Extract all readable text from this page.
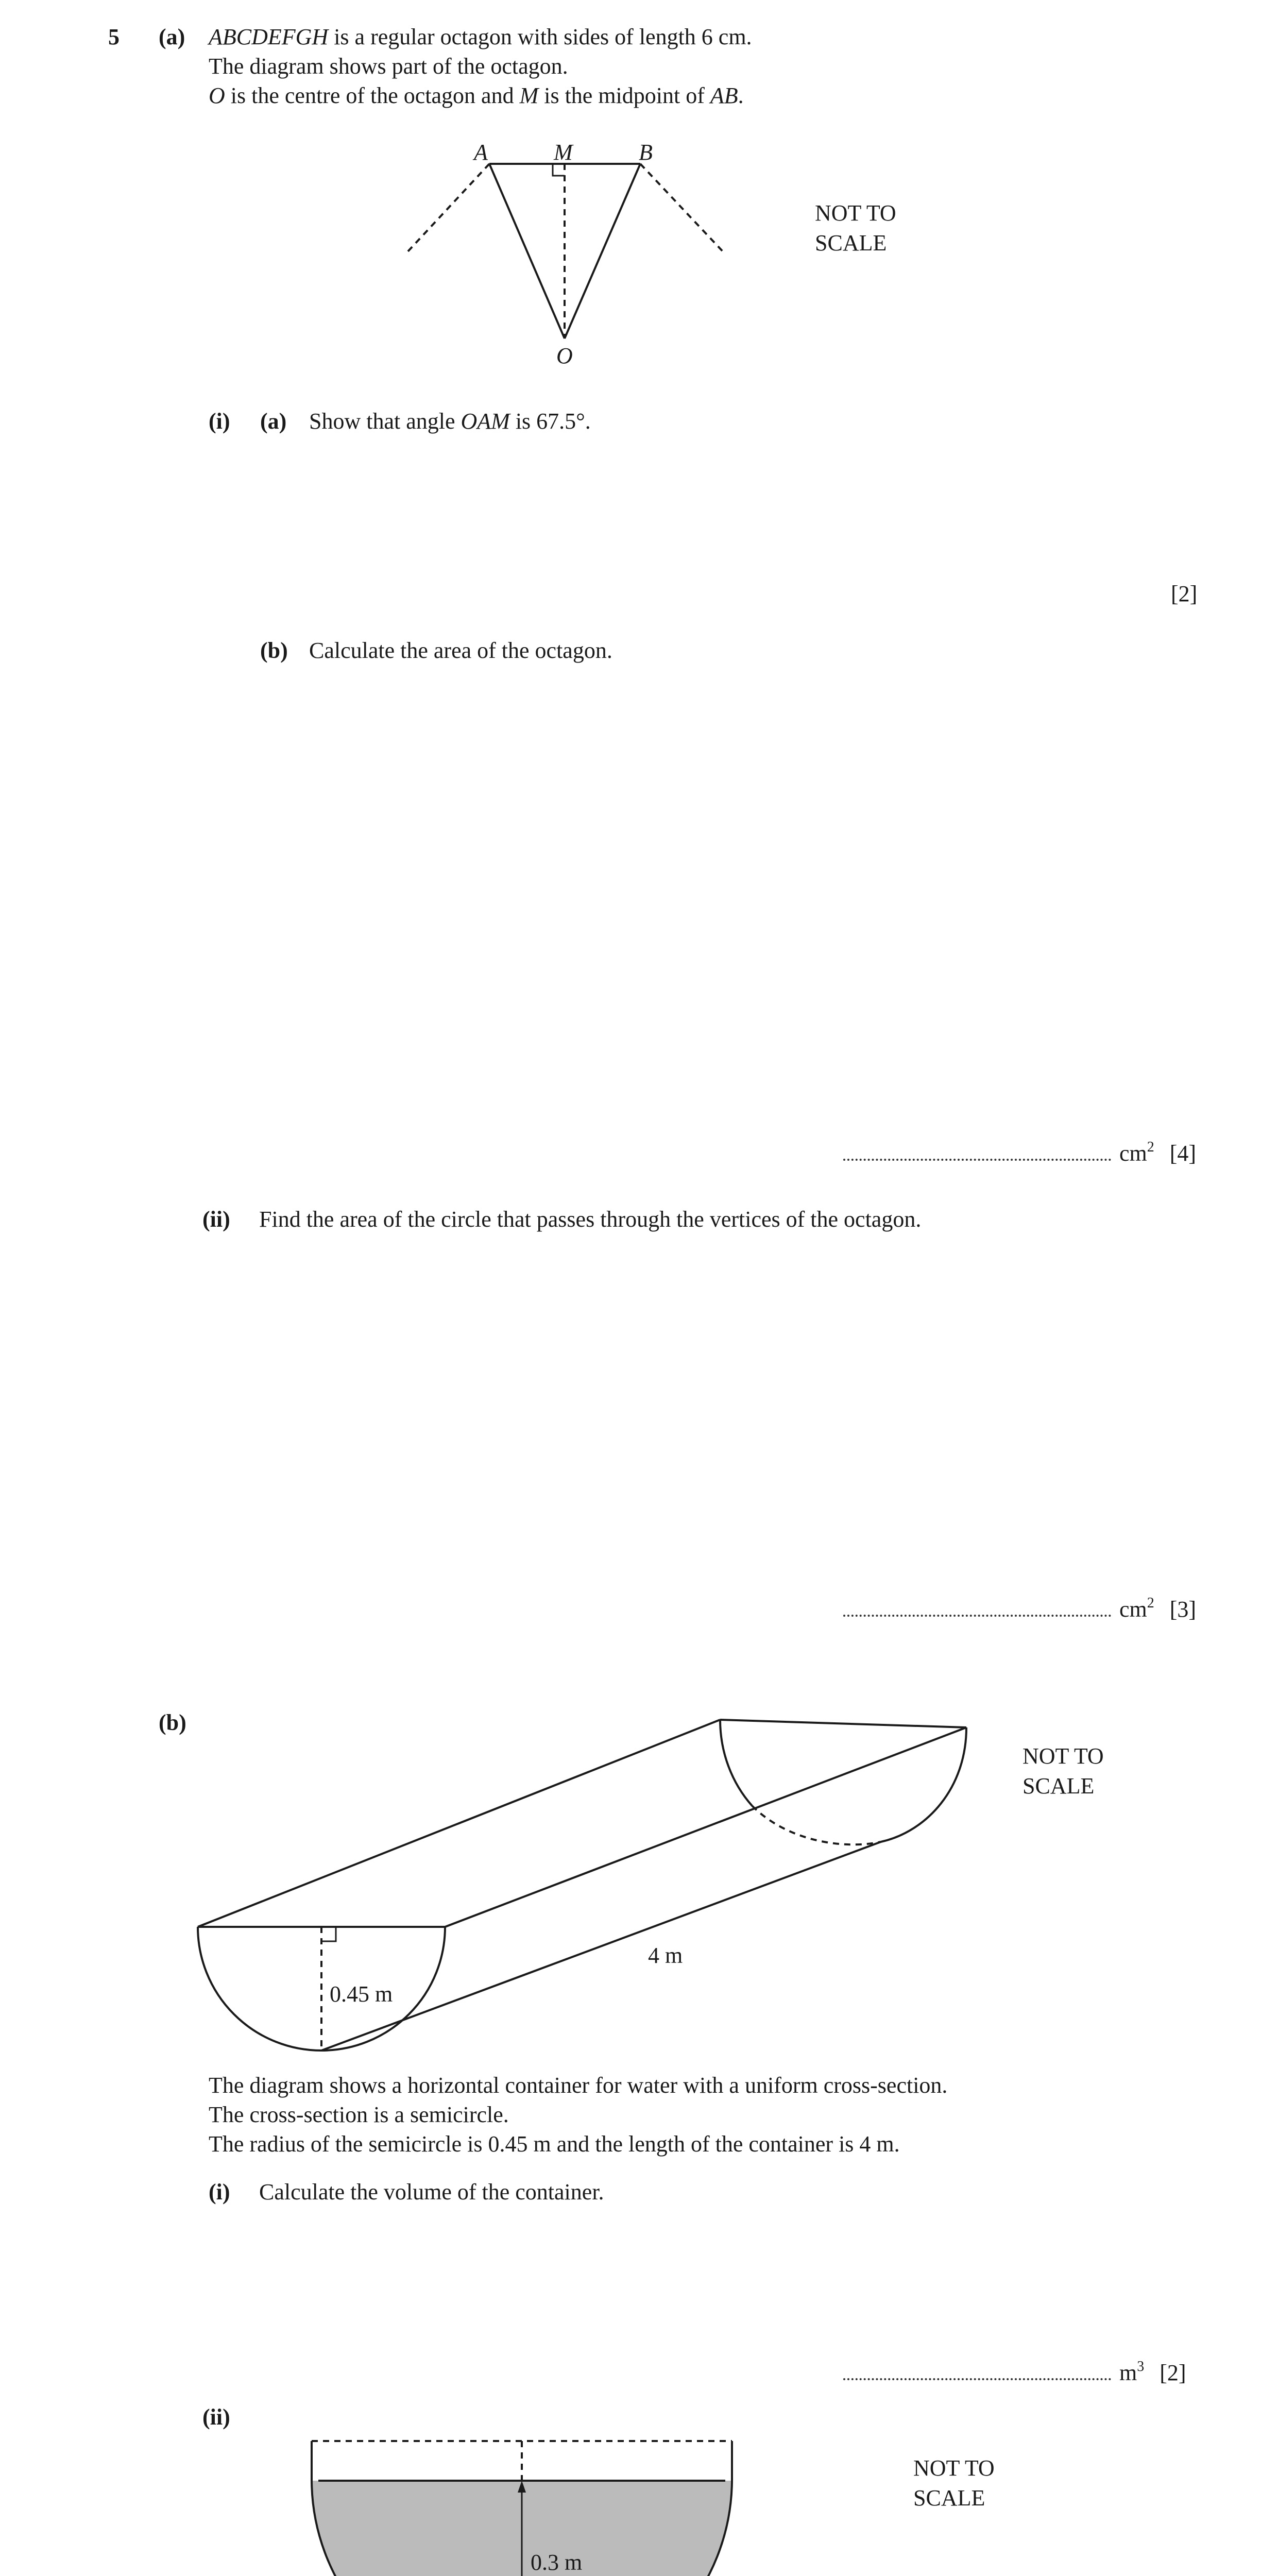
5 (a) ABCDEFGH is a regular octagon with sides of length 6 cm.
The diagram shows part of the octagon.
O is the centre of the octagon and M is the midpoint of AB.
A	M	B
O
NOT TO
SCALE
(i) (a) Show that angle OAM is 67.5°.
[2]
(b) Calculate the area of the octagon.
$cm^2$ [4]
(ii) Find the area of the circle that passes through the vertices of the octagon.
$cm^2$ [3]
(b)
0.45 m
4 m
NOT TO
SCALE
The diagram shows a horizontal container for water with a uniform cross-section.
The cross-section is a semicircle.
The radius of the semicircle is 0.45 m and the length of the container is 4 m.
(i) Calculate the volume of the container.
$m^3$ [2]
(ii)
0.3 m
NOT TO
SCALE
